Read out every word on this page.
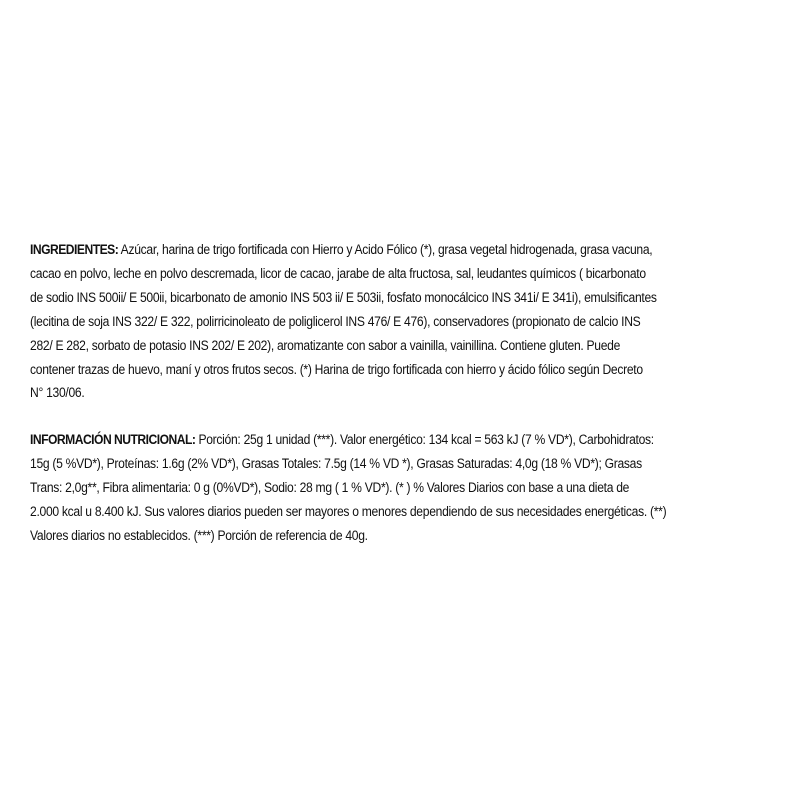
INGREDIENTES: Azúcar, harina de trigo fortificada con Hierro y Acido Fólico (*), grasa vegetal hidrogenada, grasa vacuna,
cacao en polvo, leche en polvo descremada, licor de cacao, jarabe de alta fructosa, sal, leudantes químicos ( bicarbonato
de sodio INS 500ii/ E 500ii, bicarbonato de amonio INS 503 ii/ E 503ii, fosfato monocálcico INS 341i/ E 341i), emulsificantes
(lecitina de soja INS 322/ E 322, polirricinoleato de poliglicerol INS 476/ E 476), conservadores (propionato de calcio INS
282/ E 282, sorbato de potasio INS 202/ E 202), aromatizante con sabor a vainilla, vainillina. Contiene gluten. Puede
contener trazas de huevo, maní y otros frutos secos. (*) Harina de trigo fortificada con hierro y ácido fólico según Decreto
N° 130/06.

INFORMACIÓN NUTRICIONAL: Porción: 25g 1 unidad (***). Valor energético: 134 kcal = 563 kJ (7 % VD*), Carbohidratos:
15g (5 %VD*), Proteínas: 1.6g (2% VD*), Grasas Totales: 7.5g (14 % VD *), Grasas Saturadas: 4,0g (18 % VD*); Grasas
Trans: 2,0g**, Fibra alimentaria: 0 g (0%VD*), Sodio: 28 mg ( 1 % VD*). (* ) % Valores Diarios con base a una dieta de
2.000 kcal u 8.400 kJ. Sus valores diarios pueden ser mayores o menores dependiendo de sus necesidades energéticas. (**)
Valores diarios no establecidos. (***) Porción de referencia de 40g.
